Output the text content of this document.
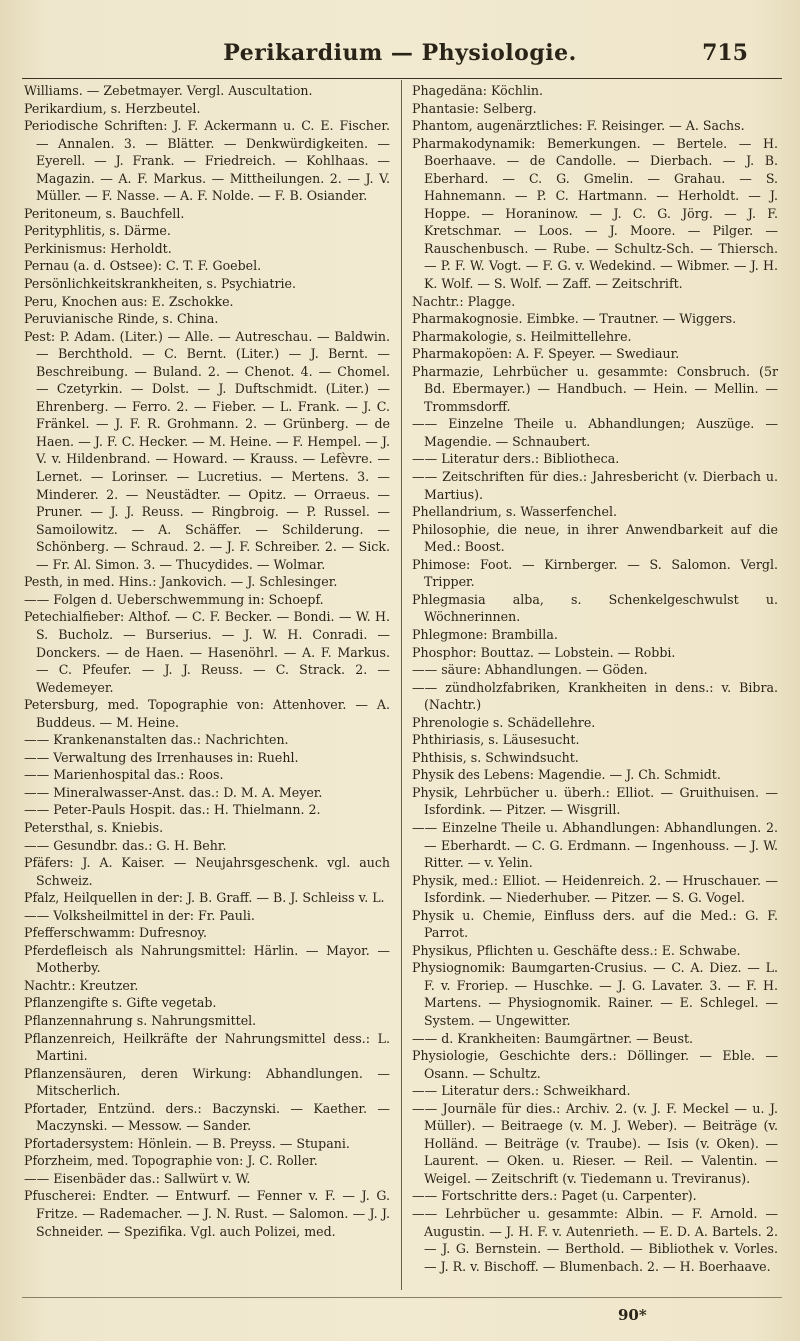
Perikardium — Physiologie.	715

Williams. — Zebetmayer. Vergl. Auscultation.

Perikardium, s. Herzbeutel.

Periodische Schriften: J. F. Ackermann u. C. E. Fischer. — Annalen. 3. — Blätter. — Denkwürdigkeiten. — Eyerell. — J. Frank. — Friedreich. — Kohlhaas. — Magazin. — A. F. Markus. — Mittheilungen. 2. — J. V. Müller. — F. Nasse. — A. F. Nolde. — F. B. Osiander.

Peritoneum, s. Bauchfell.

Perityphlitis, s. Därme.

Perkinismus: Herholdt.

Pernau (a. d. Ostsee): C. T. F. Goebel.

Persönlichkeitskrankheiten, s. Psychiatrie.

Peru, Knochen aus: E. Zschokke.

Peruvianische Rinde, s. China.

Pest: P. Adam. (Liter.) — Alle. — Autreschau. — Baldwin. — Berchthold. — C. Bernt. (Liter.) — J. Bernt. — Beschreibung. — Buland. 2. — Chenot. 4. — Chomel. — Czetyrkin. — Dolst. — J. Duftschmidt. (Liter.) — Ehrenberg. — Ferro. 2. — Fieber. — L. Frank. — J. C. Fränkel. — J. F. R. Grohmann. 2. — Grünberg. — de Haen. — J. F. C. Hecker. — M. Heine. — F. Hempel. — J. V. v. Hildenbrand. — Howard. — Krauss. — Lefèvre. — Lernet. — Lorinser. — Lucretius. — Mertens. 3. — Minderer. 2. — Neustädter. — Opitz. — Orraeus. — Pruner. — J. J. Reuss. — Ringbroig. — P. Russel. — Samoilowitz. — A. Schäffer. — Schilderung. — Schönberg. — Schraud. 2. — J. F. Schreiber. 2. — Sick. — Fr. Al. Simon. 3. — Thucydides. — Wolmar.

Pesth, in med. Hins.: Jankovich. — J. Schlesinger.

—— Folgen d. Ueberschwemmung in: Schoepf.

Petechialfieber: Althof. — C. F. Becker. — Bondi. — W. H. S. Bucholz. — Burserius. — J. W. H. Conradi. — Donckers. — de Haen. — Hasenöhrl. — A. F. Markus. — C. Pfeufer. — J. J. Reuss. — C. Strack. 2. — Wedemeyer.

Petersburg, med. Topographie von: Attenhover. — A. Buddeus. — M. Heine.

—— Krankenanstalten das.: Nachrichten.

—— Verwaltung des Irrenhauses in: Ruehl.

—— Marienhospital das.: Roos.

—— Mineralwasser-Anst. das.: D. M. A. Meyer.

—— Peter-Pauls Hospit. das.: H. Thielmann. 2.

Petersthal, s. Kniebis.

—— Gesundbr. das.: G. H. Behr.

Pfäfers: J. A. Kaiser. — Neujahrsgeschenk. vgl. auch Schweiz.

Pfalz, Heilquellen in der: J. B. Graff. — B. J. Schleiss v. L.

—— Volksheilmittel in der: Fr. Pauli.

Pfefferschwamm: Dufresnoy.

Pferdefleisch als Nahrungsmittel: Härlin. — Mayor. — Motherby.

Nachtr.: Kreutzer.

Pflanzengifte s. Gifte vegetab.

Pflanzennahrung s. Nahrungsmittel.

Pflanzenreich, Heilkräfte der Nahrungsmittel dess.: L. Martini.

Pflanzensäuren, deren Wirkung: Abhandlungen. — Mitscherlich.

Pfortader, Entzünd. ders.: Baczynski. — Kaether. — Maczynski. — Messow. — Sander.

Pfortadersystem: Hönlein. — B. Preyss. — Stupani.

Pforzheim, med. Topographie von: J. C. Roller.

—— Eisenbäder das.: Sallwürt v. W.

Pfuscherei: Endter. — Entwurf. — Fenner v. F. — J. G. Fritze. — Rademacher. — J. N. Rust. — Salomon. — J. J. Schneider. — Spezifika. Vgl. auch Polizei, med.

Phagedäna: Köchlin.

Phantasie: Selberg.

Phantom, augenärztliches: F. Reisinger. — A. Sachs.

Pharmakodynamik: Bemerkungen. — Bertele. — H. Boerhaave. — de Candolle. — Dierbach. — J. B. Eberhard. — C. G. Gmelin. — Grahau. — S. Hahnemann. — P. C. Hartmann. — Herholdt. — J. Hoppe. — Horaninow. — J. C. G. Jörg. — J. F. Kretschmar. — Loos. — J. Moore. — Pilger. — Rauschenbusch. — Rube. — Schultz-Sch. — Thiersch. — P. F. W. Vogt. — F. G. v. Wedekind. — Wibmer. — J. H. K. Wolf. — S. Wolf. — Zaff. — Zeitschrift.

Nachtr.: Plagge.

Pharmakognosie. Eimbke. — Trautner. — Wiggers.

Pharmakologie, s. Heilmittellehre.

Pharmakopöen: A. F. Speyer. — Swediaur.

Pharmazie, Lehrbücher u. gesammte: Consbruch. (5r Bd. Ebermayer.) — Handbuch. — Hein. — Mellin. — Trommsdorff.

—— Einzelne Theile u. Abhandlungen; Auszüge. — Magendie. — Schnaubert.

—— Literatur ders.: Bibliotheca.

—— Zeitschriften für dies.: Jahresbericht (v. Dierbach u. Martius).

Phellandrium, s. Wasserfenchel.

Philosophie, die neue, in ihrer Anwendbarkeit auf die Med.: Boost.

Phimose: Foot. — Kirnberger. — S. Salomon. Vergl. Tripper.

Phlegmasia alba, s. Schenkelgeschwulst u. Wöchnerinnen.

Phlegmone: Brambilla.

Phosphor: Bouttaz. — Lobstein. — Robbi.

—— säure: Abhandlungen. — Göden.

—— zündholzfabriken, Krankheiten in dens.: v. Bibra. (Nachtr.)

Phrenologie s. Schädellehre.

Phthiriasis, s. Läusesucht.

Phthisis, s. Schwindsucht.

Physik des Lebens: Magendie. — J. Ch. Schmidt.

Physik, Lehrbücher u. überh.: Elliot. — Gruithuisen. — Isfordink. — Pitzer. — Wisgrill.

—— Einzelne Theile u. Abhandlungen: Abhandlungen. 2. — Eberhardt. — C. G. Erdmann. — Ingenhouss. — J. W. Ritter. — v. Yelin.

Physik, med.: Elliot. — Heidenreich. 2. — Hruschauer. — Isfordink. — Niederhuber. — Pitzer. — S. G. Vogel.

Physik u. Chemie, Einfluss ders. auf die Med.: G. F. Parrot.

Physikus, Pflichten u. Geschäfte dess.: E. Schwabe.

Physiognomik: Baumgarten-Crusius. — C. A. Diez. — L. F. v. Froriep. — Huschke. — J. G. Lavater. 3. — F. H. Martens. — Physiognomik. Rainer. — E. Schlegel. — System. — Ungewitter.

—— d. Krankheiten: Baumgärtner. — Beust.

Physiologie, Geschichte ders.: Döllinger. — Eble. — Osann. — Schultz.

—— Literatur ders.: Schweikhard.

—— Journäle für dies.: Archiv. 2. (v. J. F. Meckel — u. J. Müller). — Beitraege (v. M. J. Weber). — Beiträge (v. Holländ. — Beiträge (v. Traube). — Isis (v. Oken). — Laurent. — Oken. u. Rieser. — Reil. — Valentin. — Weigel. — Zeitschrift (v. Tiedemann u. Treviranus).

—— Fortschritte ders.: Paget (u. Carpenter).

—— Lehrbücher u. gesammte: Albin. — F. Arnold. — Augustin. — J. H. F. v. Autenrieth. — E. D. A. Bartels. 2. — J. G. Bernstein. — Berthold. — Bibliothek v. Vorles. — J. R. v. Bischoff. — Blumenbach. 2. — H. Boerhaave.

90*
